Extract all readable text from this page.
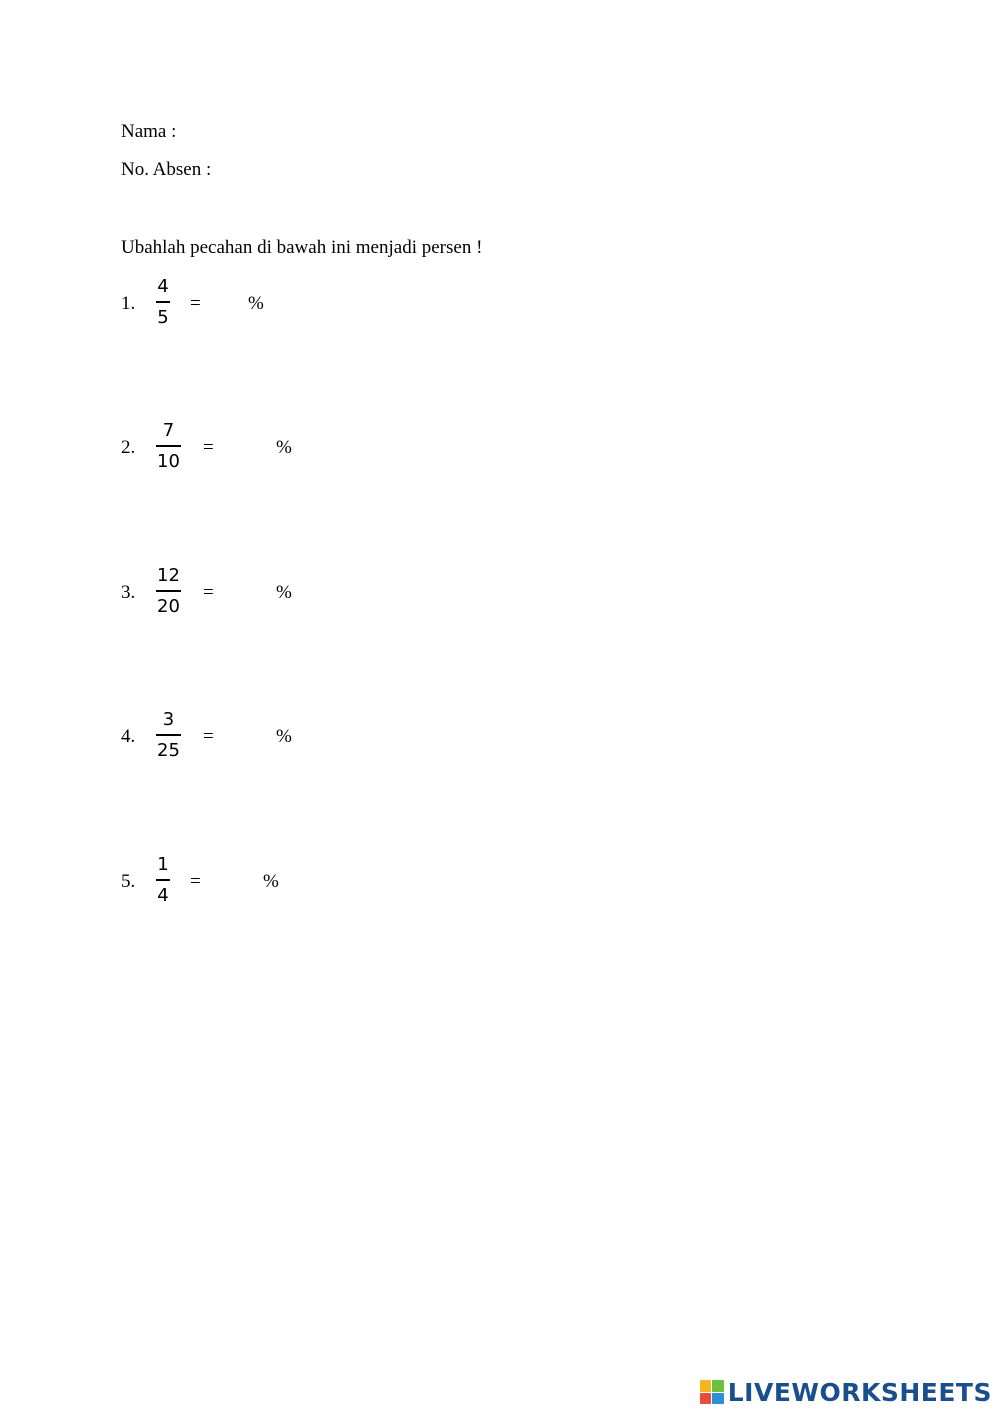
Nama :
No. Absen :
Ubahlah pecahan di bawah ini menjadi persen !
1.
4
5
= %
2.
7
10
=	%
3.
12
20
=	%
4.
3
25
=	%
5.
1
4
=	%
LIVEWORKSHEETS
